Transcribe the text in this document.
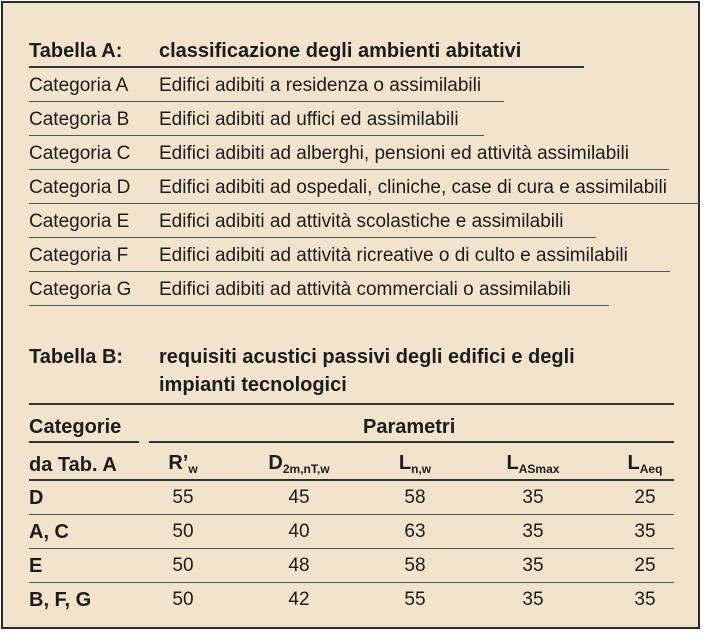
Tabella A: classificazione degli ambienti abitativi
Categoria A Edifici adibiti a residenza o assimilabili
Categoria B Edifici adibiti ad uffici ed assimilabili
Categoria C Edifici adibiti ad alberghi, pensioni ed attività assimilabili
Categoria D Edifici adibiti ad ospedali, cliniche, case di cura e assimilabili
Categoria E Edifici adibiti ad attività scolastiche e assimilabili
Categoria F Edifici adibiti ad attività ricreative o di culto e assimilabili
Categoria G Edifici adibiti ad attività commerciali o assimilabili
Tabella B: requisiti acustici passivi degli edifici e degli
impianti tecnologici
Categorie
da Tab. A
Parametri
$R’_w$	$D_{2m,nT,w}$	$L_{n,w}$	$L_{ASmax}$	$L_{Aeq}$
D	55	45	58	35	25
A, C	50	40	63	35	35
E	50	48	58	35	25
B, F, G	50	42	55	35	35
